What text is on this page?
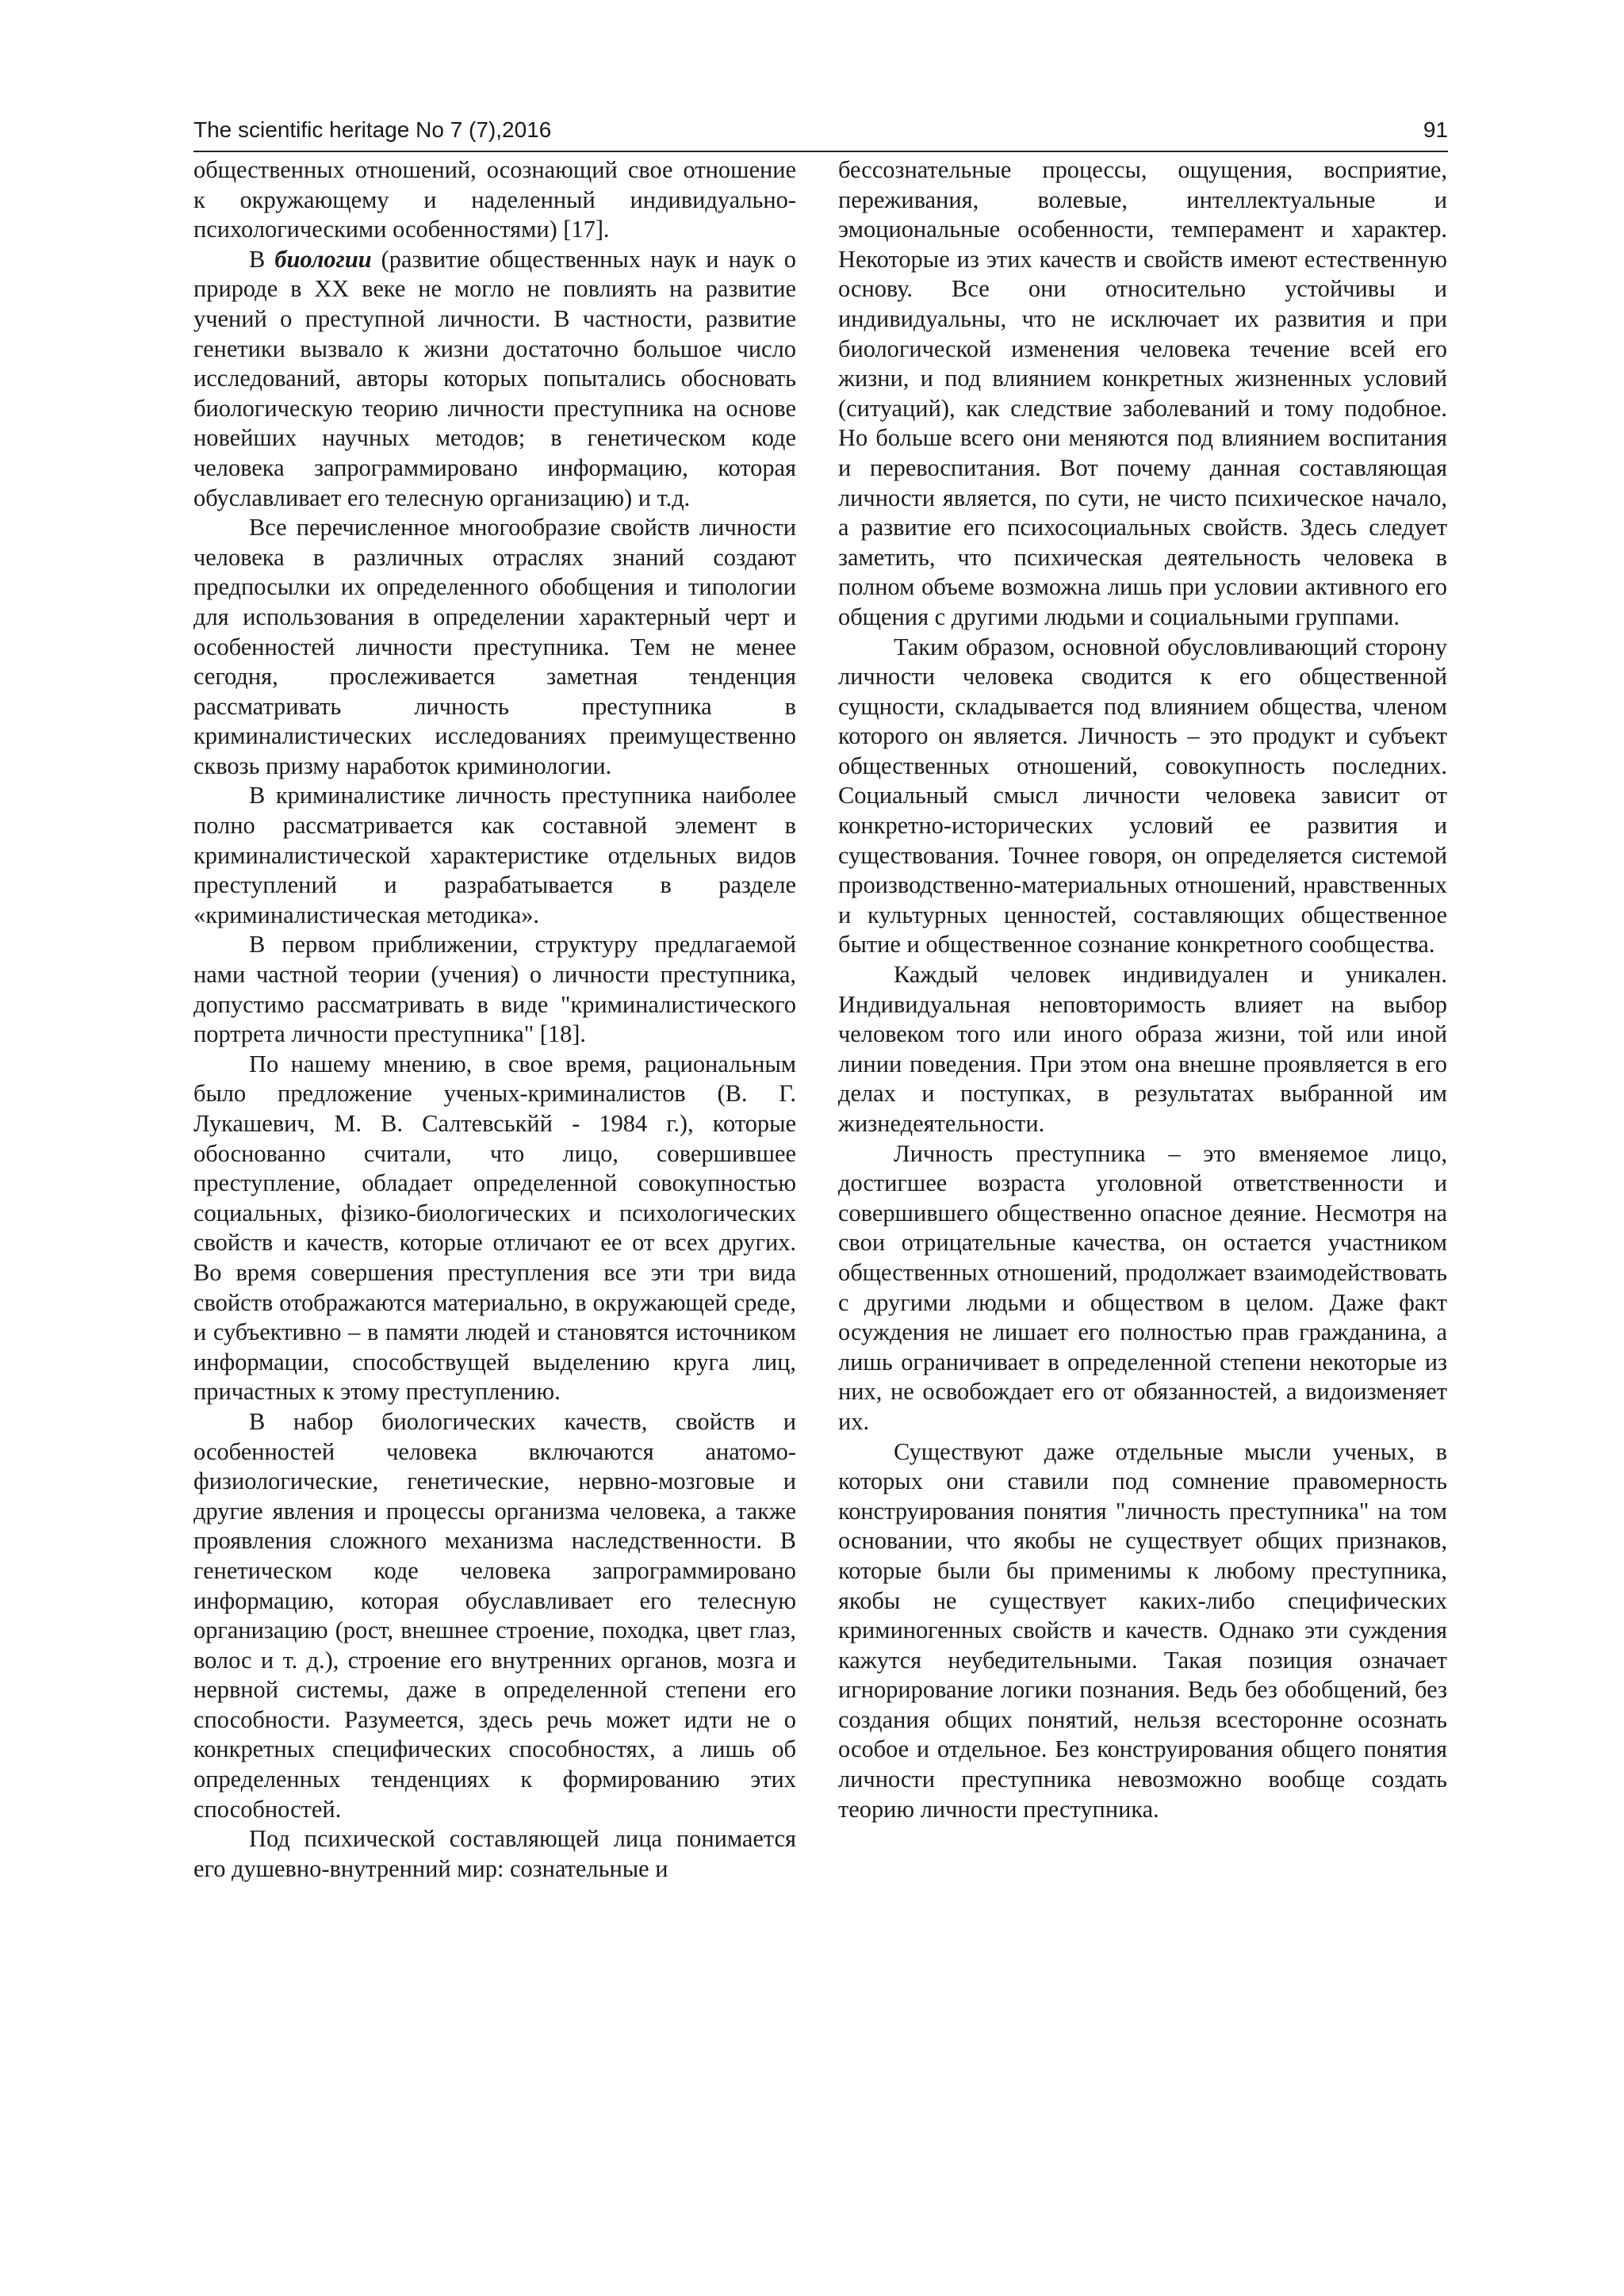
The scientific heritage No 7 (7),2016	91

общественных отношений, осознающий свое отношение к окружающему и наделенный индивидуально-психологическими особенностями) [17].

В биологии (развитие общественных наук и наук о природе в XX веке не могло не повлиять на развитие учений о преступной личности. В частности, развитие генетики вызвало к жизни достаточно большое число исследований, авторы которых попытались обосновать биологическую теорию личности преступника на основе новейших научных методов; в генетическом коде человека запрограммировано информацию, которая обуславливает его телесную организацию) и т.д.

Все перечисленное многообразие свойств личности человека в различных отраслях знаний создают предпосылки их определенного обобщения и типологии для использования в определении характерный черт и особенностей личности преступника. Тем не менее сегодня, прослеживается заметная тенденция рассматривать личность преступника в криминалистических исследованиях преимущественно сквозь призму наработок криминологии.

В криминалистике личность преступника наиболее полно рассматривается как составной элемент в криминалистической характеристике отдельных видов преступлений и разрабатывается в разделе «криминалистическая методика».

В первом приближении, структуру предлагаемой нами частной теории (учения) о личности преступника, допустимо рассматривать в виде "криминалистического портрета личности преступника" [18].

По нашему мнению, в свое время, рациональным было предложение ученых-криминалистов (В. Г. Лукашевич, М. В. Салтевськйй - 1984 г.), которые обоснованно считали, что лицо, совершившее преступление, обладает определенной совокупностью социальных, фізико-биологических и психологических свойств и качеств, которые отличают ее от всех других. Во время совершения преступления все эти три вида свойств отображаются материально, в окружающей среде, и субъективно – в памяти людей и становятся источником информации, способствущей выделению круга лиц, причастных к этому преступлению.

В набор биологических качеств, свойств и особенностей человека включаются анатомо-физиологические, генетические, нервно-мозговые и другие явления и процессы организма человека, а также проявления сложного механизма наследственности. В генетическом коде человека запрограммировано информацию, которая обуславливает его телесную организацию (рост, внешнее строение, походка, цвет глаз, волос и т. д.), строение его внутренних органов, мозга и нервной системы, даже в определенной степени его способности. Разумеется, здесь речь может идти не о конкретных специфических способностях, а лишь об определенных тенденциях к формированию этих способностей.

Под психической составляющей лица понимается его душевно-внутренний мир: сознательные и

бессознательные процессы, ощущения, восприятие, переживания, волевые, интеллектуальные и эмоциональные особенности, темперамент и характер. Некоторые из этих качеств и свойств имеют естественную основу. Все они относительно устойчивы и индивидуальны, что не исключает их развития и при биологической изменения человека течение всей его жизни, и под влиянием конкретных жизненных условий (ситуаций), как следствие заболеваний и тому подобное. Но больше всего они меняются под влиянием воспитания и перевоспитания. Вот почему данная составляющая личности является, по сути, не чисто психическое начало, а развитие его психосоциальных свойств. Здесь следует заметить, что психическая деятельность человека в полном объеме возможна лишь при условии активного его общения с другими людьми и социальными группами.

Таким образом, основной обусловливающий сторону личности человека сводится к его общественной сущности, складывается под влиянием общества, членом которого он является. Личность – это продукт и субъект общественных отношений, совокупность последних. Социальный смысл личности человека зависит от конкретно-исторических условий ее развития и существования. Точнее говоря, он определяется системой производственно-материальных отношений, нравственных и культурных ценностей, составляющих общественное бытие и общественное сознание конкретного сообщества.

Каждый человек индивидуален и уникален. Индивидуальная неповторимость влияет на выбор человеком того или иного образа жизни, той или иной линии поведения. При этом она внешне проявляется в его делах и поступках, в результатах выбранной им жизнедеятельности.

Личность преступника – это вменяемое лицо, достигшее возраста уголовной ответственности и совершившего общественно опасное деяние. Несмотря на свои отрицательные качества, он остается участником общественных отношений, продолжает взаимодействовать с другими людьми и обществом в целом. Даже факт осуждения не лишает его полностью прав гражданина, а лишь ограничивает в определенной степени некоторые из них, не освобождает его от обязанностей, а видоизменяет их.

Существуют даже отдельные мысли ученых, в которых они ставили под сомнение правомерность конструирования понятия "личность преступника" на том основании, что якобы не существует общих признаков, которые были бы применимы к любому преступника, якобы не существует каких-либо специфических криминогенных свойств и качеств. Однако эти суждения кажутся неубедительными. Такая позиция означает игнорирование логики познания. Ведь без обобщений, без создания общих понятий, нельзя всесторонне осознать особое и отдельное. Без конструирования общего понятия личности преступника невозможно вообще создать теорию личности преступника.
